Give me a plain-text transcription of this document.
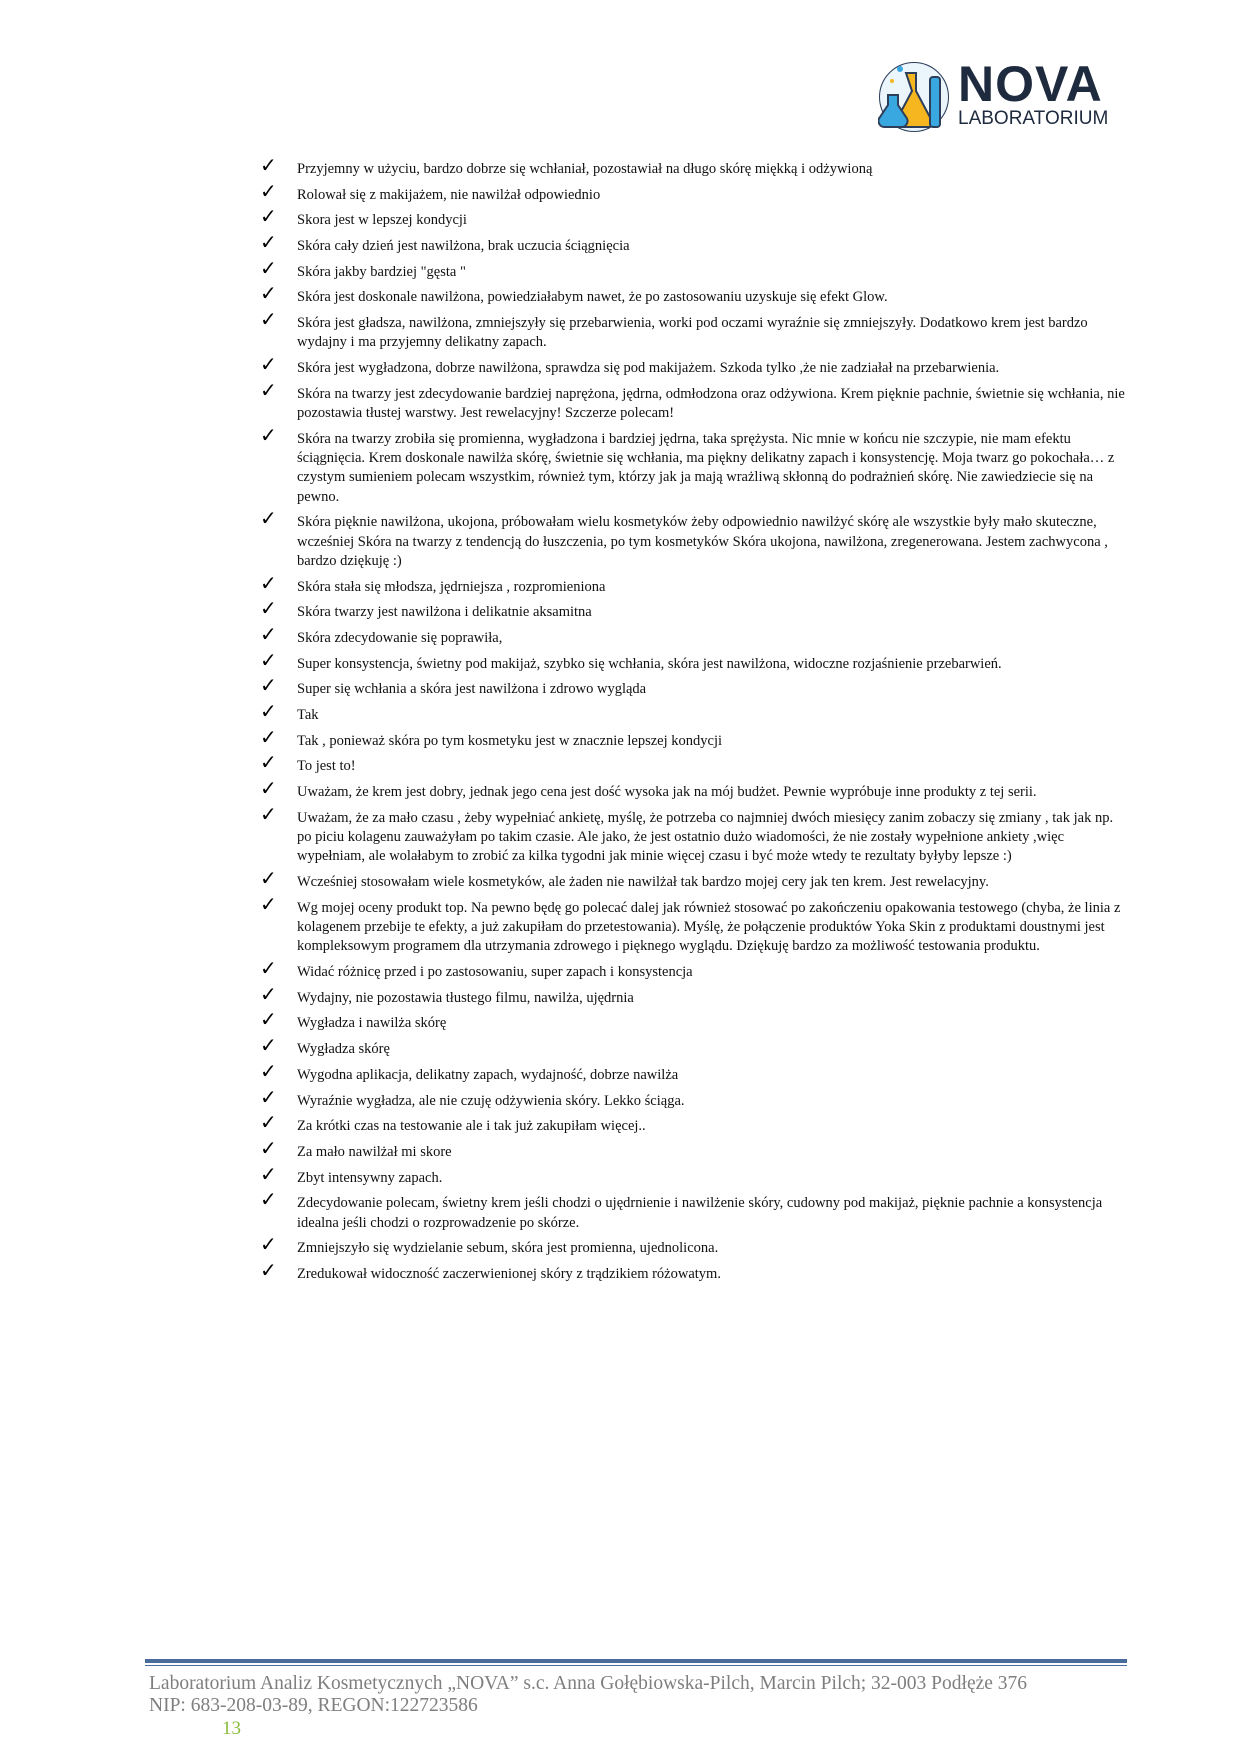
NOVA
LABORATORIUM
✓ Przyjemny w użyciu, bardzo dobrze się wchłaniał, pozostawiał na długo skórę miękką i odżywioną
✓ Rolował się z makijażem, nie nawilżał odpowiednio
✓ Skora jest w lepszej kondycji
✓ Skóra cały dzień jest nawilżona, brak uczucia ściągnięcia
✓ Skóra jakby bardziej "gęsta "
✓ Skóra jest doskonale nawilżona, powiedziałabym nawet, że po zastosowaniu uzyskuje się efekt Glow.
✓ Skóra jest gładsza, nawilżona, zmniejszyły się przebarwienia, worki pod oczami wyraźnie się zmniejszyły. Dodatkowo krem jest bardzo wydajny i ma przyjemny delikatny zapach.
✓ Skóra jest wygładzona, dobrze nawilżona, sprawdza się pod makijażem. Szkoda tylko ,że nie zadziałał na przebarwienia.
✓ Skóra na twarzy jest zdecydowanie bardziej naprężona, jędrna, odmłodzona oraz odżywiona. Krem pięknie pachnie, świetnie się wchłania, nie pozostawia tłustej warstwy. Jest rewelacyjny! Szczerze polecam!
✓ Skóra na twarzy zrobiła się promienna, wygładzona i bardziej jędrna, taka sprężysta. Nic mnie w końcu nie szczypie, nie mam efektu ściągnięcia. Krem doskonale nawilża skórę, świetnie się wchłania, ma piękny delikatny zapach i konsystencję. Moja twarz go pokochała… z czystym sumieniem polecam wszystkim, również tym, którzy jak ja mają wrażliwą skłonną do podrażnień skórę. Nie zawiedziecie się na pewno.
✓ Skóra pięknie nawilżona, ukojona, próbowałam wielu kosmetyków żeby odpowiednio nawilżyć skórę ale wszystkie były mało skuteczne, wcześniej Skóra na twarzy z tendencją do łuszczenia, po tym kosmetyków Skóra ukojona, nawilżona, zregenerowana. Jestem zachwycona , bardzo dziękuję :)
✓ Skóra stała się młodsza, jędrniejsza , rozpromieniona
✓ Skóra twarzy jest nawilżona i delikatnie aksamitna
✓ Skóra zdecydowanie się poprawiła,
✓ Super konsystencja, świetny pod makijaż, szybko się wchłania, skóra jest nawilżona, widoczne rozjaśnienie przebarwień.
✓ Super się wchłania a skóra jest nawilżona i zdrowo wygląda
✓ Tak
✓ Tak , ponieważ skóra po tym kosmetyku jest w znacznie lepszej kondycji
✓ To jest to!
✓ Uważam, że krem jest dobry, jednak jego cena jest dość wysoka jak na mój budżet. Pewnie wypróbuje inne produkty z tej serii.
✓ Uważam, że za mało czasu , żeby wypełniać ankietę, myślę, że potrzeba co najmniej dwóch miesięcy zanim zobaczy się zmiany , tak jak np. po piciu kolagenu zauważyłam po takim czasie. Ale jako, że jest ostatnio dużo wiadomości, że nie zostały wypełnione ankiety ,więc wypełniam, ale wolałabym to zrobić za kilka tygodni jak minie więcej czasu i być może wtedy te rezultaty byłyby lepsze :)
✓ Wcześniej stosowałam wiele kosmetyków, ale żaden nie nawilżał tak bardzo mojej cery jak ten krem. Jest rewelacyjny.
✓ Wg mojej oceny produkt top. Na pewno będę go polecać dalej jak również stosować po zakończeniu opakowania testowego (chyba, że linia z kolagenem przebije te efekty, a już zakupiłam do przetestowania). Myślę, że połączenie produktów Yoka Skin z produktami doustnymi jest kompleksowym programem dla utrzymania zdrowego i pięknego wyglądu. Dziękuję bardzo za możliwość testowania produktu.
✓ Widać różnicę przed i po zastosowaniu, super zapach i konsystencja
✓ Wydajny, nie pozostawia tłustego filmu, nawilża, ujędrnia
✓ Wygładza i nawilża skórę
✓ Wygładza skórę
✓ Wygodna aplikacja, delikatny zapach, wydajność, dobrze nawilża
✓ Wyraźnie wygładza, ale nie czuję odżywienia skóry. Lekko ściąga.
✓ Za krótki czas na testowanie ale i tak już zakupiłam więcej..
✓ Za mało nawilżał mi skore
✓ Zbyt intensywny zapach.
✓ Zdecydowanie polecam, świetny krem jeśli chodzi o ujędrnienie i nawilżenie skóry, cudowny pod makijaż, pięknie pachnie a konsystencja idealna jeśli chodzi o rozprowadzenie po skórze.
✓ Zmniejszyło się wydzielanie sebum, skóra jest promienna, ujednolicona.
✓ Zredukował widoczność zaczerwienionej skóry z trądzikiem różowatym.
Laboratorium Analiz Kosmetycznych „NOVA” s.c. Anna Gołębiowska-Pilch, Marcin Pilch; 32-003 Podłęże 376
NIP: 683-208-03-89, REGON:122723586
13
